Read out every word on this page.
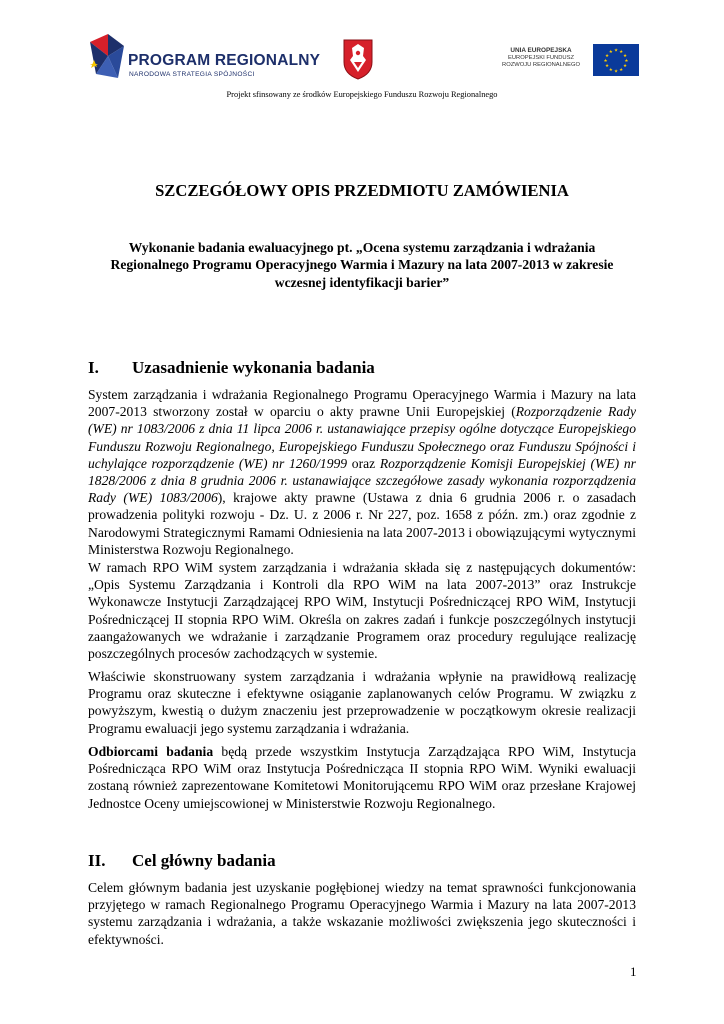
PROGRAM REGIONALNY
NARODOWA STRATEGIA SPÓJNOŚCI
UNIA EUROPEJSKA
EUROPEJSKI FUNDUSZ
ROZWOJU REGIONALNEGO
★ ★
★
★
★
★
★
★
★
★
★
★
Projekt sfinsowany ze środków Europejskiego Funduszu Rozwoju Regionalnego
SZCZEGÓŁOWY OPIS PRZEDMIOTU ZAMÓWIENIA
Wykonanie badania ewaluacyjnego pt. „Ocena systemu zarządzania i wdrażania Regionalnego Programu Operacyjnego Warmia i Mazury na lata 2007-2013 w zakresie wczesnej identyfikacji barier”
I. Uzasadnienie wykonania badania

System zarządzania i wdrażania Regionalnego Programu Operacyjnego Warmia i Mazury na lata 2007-2013 stworzony został w oparciu o akty prawne Unii Europejskiej (Rozporządzenie Rady (WE) nr 1083/2006 z dnia 11 lipca 2006 r. ustanawiające przepisy ogólne dotyczące Europejskiego Funduszu Rozwoju Regionalnego, Europejskiego Funduszu Społecznego oraz Funduszu Spójności i uchylające rozporządzenie (WE) nr 1260/1999 oraz Rozporządzenie Komisji Europejskiej (WE) nr 1828/2006 z dnia 8 grudnia 2006 r. ustanawiające szczegółowe zasady wykonania rozporządzenia Rady (WE) 1083/2006), krajowe akty prawne (Ustawa z dnia 6 grudnia 2006 r. o zasadach prowadzenia polityki rozwoju - Dz. U. z 2006 r. Nr 227, poz. 1658 z późn. zm.) oraz zgodnie z Narodowymi Strategicznymi Ramami Odniesienia na lata 2007-2013 i obowiązującymi wytycznymi Ministerstwa Rozwoju Regionalnego.

W ramach RPO WiM system zarządzania i wdrażania składa się z następujących dokumentów: „Opis Systemu Zarządzania i Kontroli dla RPO WiM na lata 2007-2013” oraz Instrukcje Wykonawcze Instytucji Zarządzającej RPO WiM, Instytucji Pośredniczącej RPO WiM, Instytucji Pośredniczącej II stopnia RPO WiM. Określa on zakres zadań i funkcje poszczególnych instytucji zaangażowanych we wdrażanie i zarządzanie Programem oraz procedury regulujące realizację poszczególnych procesów zachodzących w systemie.

Właściwie skonstruowany system zarządzania i wdrażania wpłynie na prawidłową realizację Programu oraz skuteczne i efektywne osiąganie zaplanowanych celów Programu. W związku z powyższym, kwestią o dużym znaczeniu jest przeprowadzenie w początkowym okresie realizacji Programu ewaluacji jego systemu zarządzania i wdrażania.

Odbiorcami badania będą przede wszystkim Instytucja Zarządzająca RPO WiM, Instytucja Pośrednicząca RPO WiM oraz Instytucja Pośrednicząca II stopnia RPO WiM. Wyniki ewaluacji zostaną również zaprezentowane Komitetowi Monitorującemu RPO WiM oraz przesłane Krajowej Jednostce Oceny umiejscowionej w Ministerstwie Rozwoju Regionalnego.

II. Cel główny badania

Celem głównym badania jest uzyskanie pogłębionej wiedzy na temat sprawności funkcjonowania przyjętego w ramach Regionalnego Programu Operacyjnego Warmia i Mazury na lata 2007-2013 systemu zarządzania i wdrażania, a także wskazanie możliwości zwiększenia jego skuteczności i efektywności.

1
